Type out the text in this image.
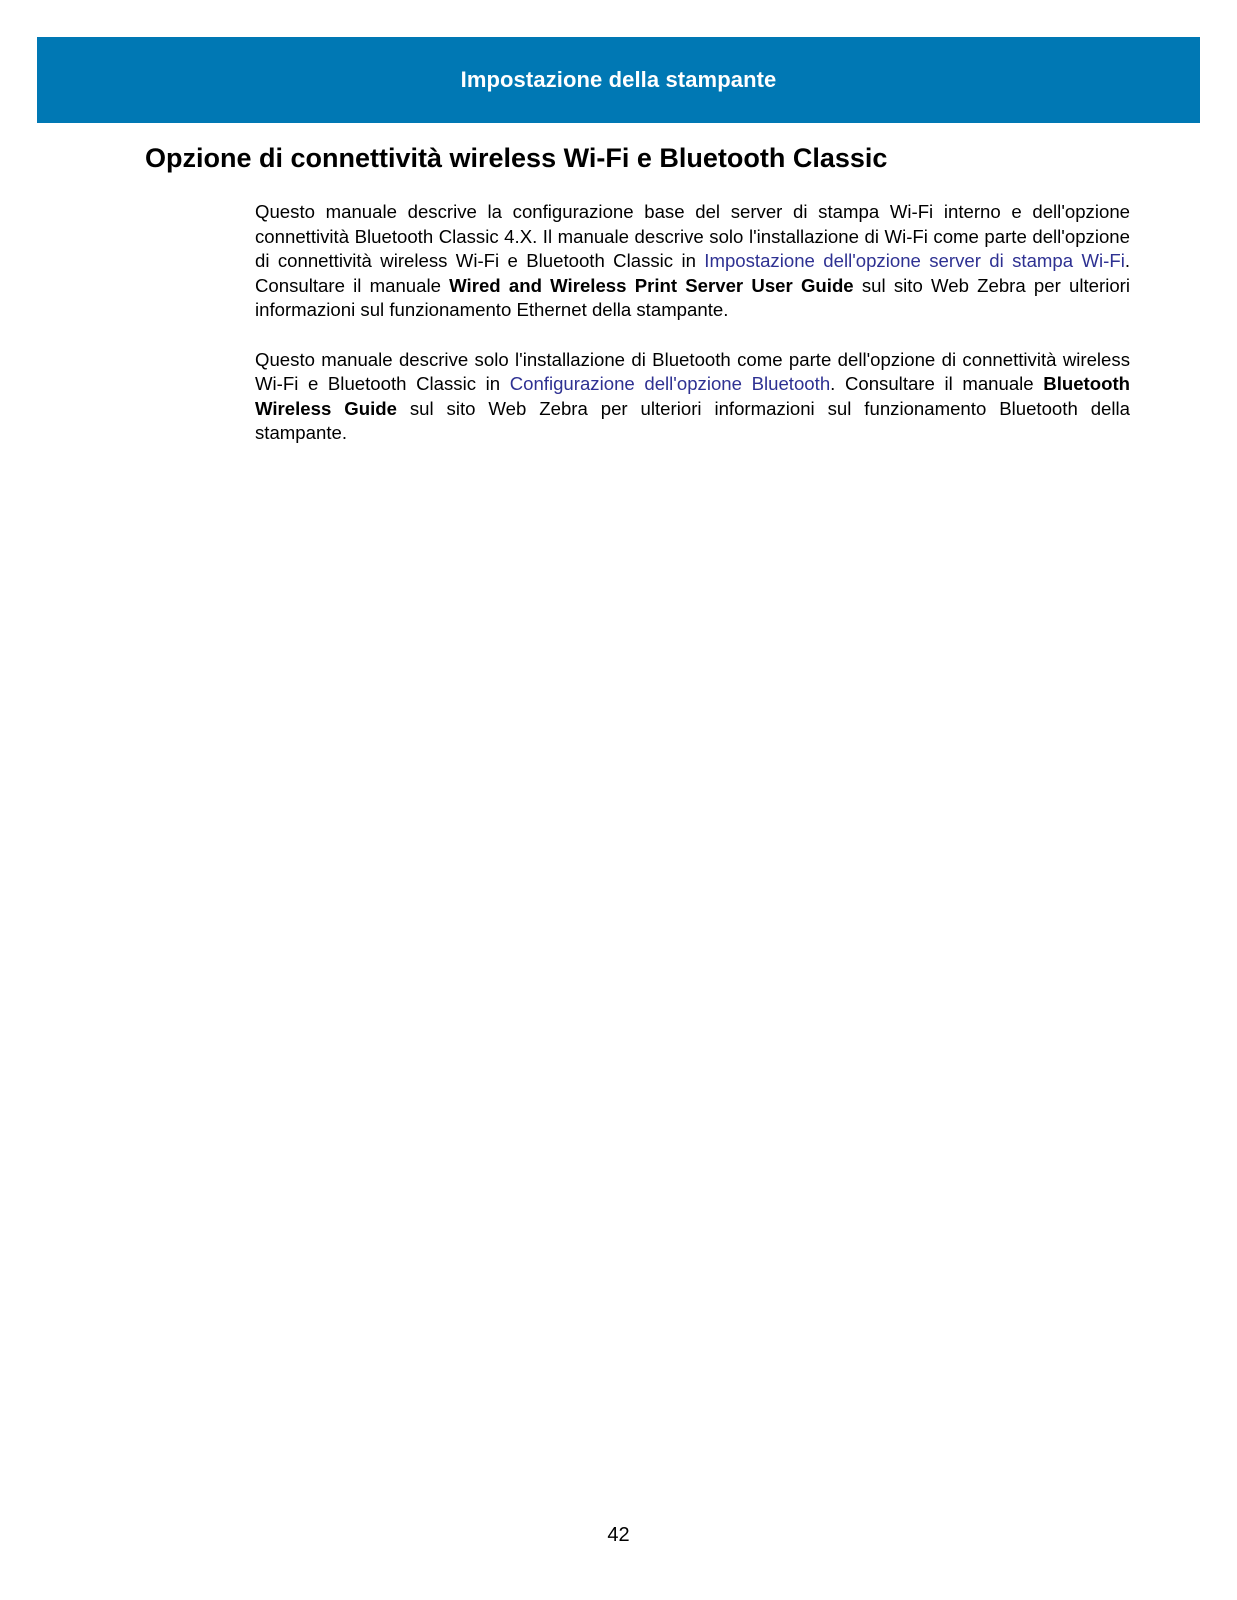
Impostazione della stampante
Opzione di connettività wireless Wi-Fi e Bluetooth Classic

Questo manuale descrive la configurazione base del server di stampa Wi-Fi interno e dell'opzione connettività Bluetooth Classic 4.X. Il manuale descrive solo l'installazione di Wi-Fi come parte dell'opzione di connettività wireless Wi-Fi e Bluetooth Classic in Impostazione dell'opzione server di stampa Wi-Fi. Consultare il manuale Wired and Wireless Print Server User Guide sul sito Web Zebra per ulteriori informazioni sul funzionamento Ethernet della stampante.

Questo manuale descrive solo l'installazione di Bluetooth come parte dell'opzione di connettività wireless Wi-Fi e Bluetooth Classic in Configurazione dell'opzione Bluetooth. Consultare il manuale Bluetooth Wireless Guide sul sito Web Zebra per ulteriori informazioni sul funzionamento Bluetooth della stampante.

42
